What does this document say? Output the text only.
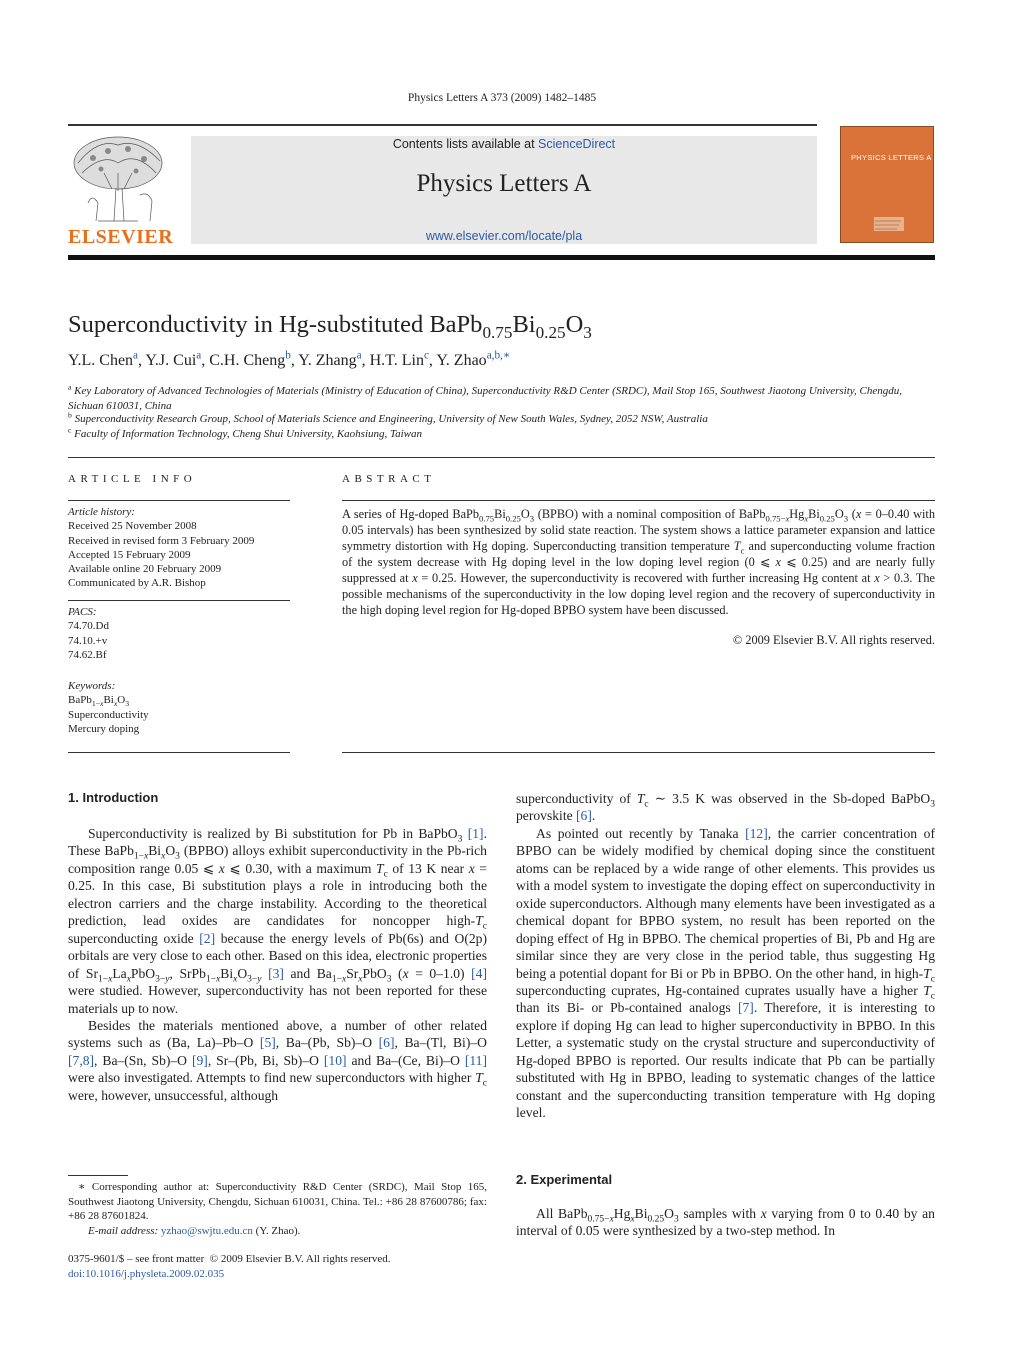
Physics Letters A 373 (2009) 1482–1485
ELSEVIER
Contents lists available at ScienceDirect
Physics Letters A
www.elsevier.com/locate/pla
PHYSICS LETTERS A
Superconductivity in Hg-substituted $BaPb_{0.75}Bi_{0.25}O_3$
Y.L. Chen$^a$, Y.J. Cui$^a$, C.H. Cheng$^b$, Y. Zhang$^a$, H.T. Lin$^c$, Y. Zhao$^{a,b,∗}$
$^a$ Key Laboratory of Advanced Technologies of Materials (Ministry of Education of China), Superconductivity R&D Center (SRDC), Mail Stop 165, Southwest Jiaotong University, Chengdu, Sichuan 610031, China
$^b$ Superconductivity Research Group, School of Materials Science and Engineering, University of New South Wales, Sydney, 2052 NSW, Australia
$^c$ Faculty of Information Technology, Cheng Shui University, Kaohsiung, Taiwan
ARTICLE INFO	ABSTRACT
Article history:
Received 25 November 2008
Received in revised form 3 February 2009
Accepted 15 February 2009
Available online 20 February 2009
Communicated by A.R. Bishop
PACS:
74.70.Dd
74.10.+v
74.62.Bf
Keywords:
$BaPb_{1-x}Bi_xO_3$
Superconductivity
Mercury doping
A series of Hg-doped $BaPb_{0.75}Bi_{0.25}O_3$ (BPBO) with a nominal composition of $BaPb_{0.75-x}Hg_xBi_{0.25}O_3$ (x = 0–0.40 with 0.05 intervals) has been synthesized by solid state reaction. The system shows a lattice parameter expansion and lattice symmetry distortion with Hg doping. Superconducting transition temperature $T_c$ and superconducting volume fraction of the system decrease with Hg doping level in the low doping level region (0 ⩽ x ⩽ 0.25) and are nearly fully suppressed at x = 0.25. However, the superconductivity is recovered with further increasing Hg content at x > 0.3. The possible mechanisms of the superconductivity in the low doping level region and the recovery of superconductivity in the high doping level region for Hg-doped BPBO system have been discussed.
© 2009 Elsevier B.V. All rights reserved.
1. Introduction

Superconductivity is realized by Bi substitution for Pb in BaPbO$_3$ [1]. These $BaPb_{1-x}Bi_xO_3$ (BPBO) alloys exhibit superconductivity in the Pb-rich composition range 0.05 ⩽ x ⩽ 0.30, with a maximum $T_c$ of 13 K near x = 0.25. In this case, Bi substitution plays a role in introducing both the electron carriers and the charge instability. According to the theoretical prediction, lead oxides are candidates for noncopper high-$T_c$ superconducting oxide [2] because the energy levels of Pb(6s) and O(2p) orbitals are very close to each other. Based on this idea, electronic properties of $Sr_{1-x}La_xPbO_{3-y}$, $SrPb_{1-x}Bi_xO_{3-y}$ [3] and $Ba_{1-x}Sr_xPbO_3$ (x = 0–1.0) [4] were studied. However, superconductivity has not been reported for these materials up to now.

Besides the materials mentioned above, a number of other related systems such as (Ba, La)–Pb–O [5], Ba–(Pb, Sb)–O [6], Ba–(Tl, Bi)–O [7,8], Ba–(Sn, Sb)–O [9], Sr–(Pb, Bi, Sb)–O [10] and Ba–(Ce, Bi)–O [11] were also investigated. Attempts to find new superconductors with higher $T_c$ were, however, unsuccessful, although

superconductivity of $T_c$ ∼ 3.5 K was observed in the Sb-doped BaPbO$_3$ perovskite [6].

As pointed out recently by Tanaka [12], the carrier concentration of BPBO can be widely modified by chemical doping since the constituent atoms can be replaced by a wide range of other elements. This provides us with a model system to investigate the doping effect on superconductivity in oxide superconductors. Although many elements have been investigated as a chemical dopant for BPBO system, no result has been reported on the doping effect of Hg in BPBO. The chemical properties of Bi, Pb and Hg are similar since they are very close in the period table, thus suggesting Hg being a potential dopant for Bi or Pb in BPBO. On the other hand, in high-$T_c$ superconducting cuprates, Hg-contained cuprates usually have a higher $T_c$ than its Bi- or Pb-contained analogs [7]. Therefore, it is interesting to explore if doping Hg can lead to higher superconductivity in BPBO. In this Letter, a systematic study on the crystal structure and superconductivity of Hg-doped BPBO is reported. Our results indicate that Pb can be partially substituted with Hg in BPBO, leading to systematic changes of the lattice constant and the superconducting transition temperature with Hg doping level.

2. Experimental

All $BaPb_{0.75-x}Hg_xBi_{0.25}O_3$ samples with x varying from 0 to 0.40 by an interval of 0.05 were synthesized by a two-step method. In

∗ Corresponding author at: Superconductivity R&D Center (SRDC), Mail Stop 165, Southwest Jiaotong University, Chengdu, Sichuan 610031, China. Tel.: +86 28 87600786; fax: +86 28 87601824.
E-mail address: yzhao@swjtu.edu.cn (Y. Zhao).
0375-9601/$ – see front matter  © 2009 Elsevier B.V. All rights reserved.
doi:10.1016/j.physleta.2009.02.035
